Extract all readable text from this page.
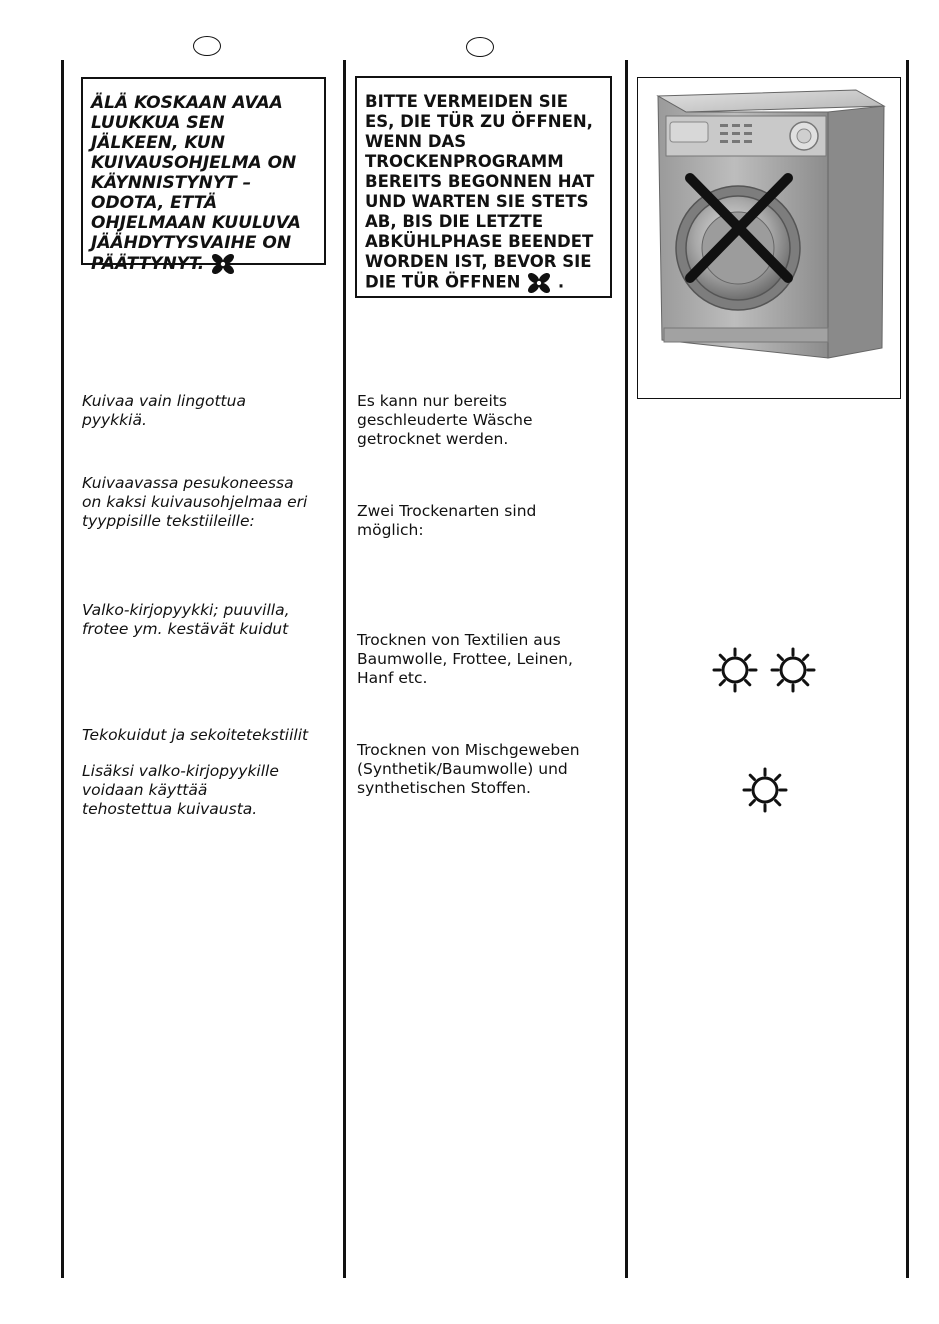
ÄLÄ KOSKAAN AVAA LUUKKUA SEN JÄLKEEN, KUN KUIVAUSOHJELMA ON KÄYNNISTYNYT – ODOTA, ETTÄ OHJELMAAN KUULUVA JÄÄHDYTYSVAIHE ON PÄÄTTYNYT.
BITTE VERMEIDEN SIE ES, DIE TÜR ZU ÖFFNEN, WENN DAS TROCKENPROGRAMM BEREITS BEGONNEN HAT UND WARTEN SIE STETS AB, BIS DIE LETZTE ABKÜHLPHASE BEENDET WORDEN IST, BEVOR SIE DIE TÜR ÖFFNEN .
Kuivaa vain lingottua
pyykkiä.
Kuivaavassa pesukoneessa
on kaksi kuivausohjelmaa eri
tyyppisille tekstiileille:
Valko-kirjopyykki; puuvilla,
frotee ym. kestävät kuidut
Tekokuidut ja sekoitetekstiilit
Lisäksi valko-kirjopyykille
voidaan käyttää
tehostettua kuivausta.
Es kann nur bereits
geschleuderte Wäsche
getrocknet werden.
Zwei Trockenarten sind
möglich:
Trocknen von Textilien aus
Baumwolle, Frottee, Leinen,
Hanf etc.
Trocknen von Mischgeweben
(Synthetik/Baumwolle) und
synthetischen Stoffen.
